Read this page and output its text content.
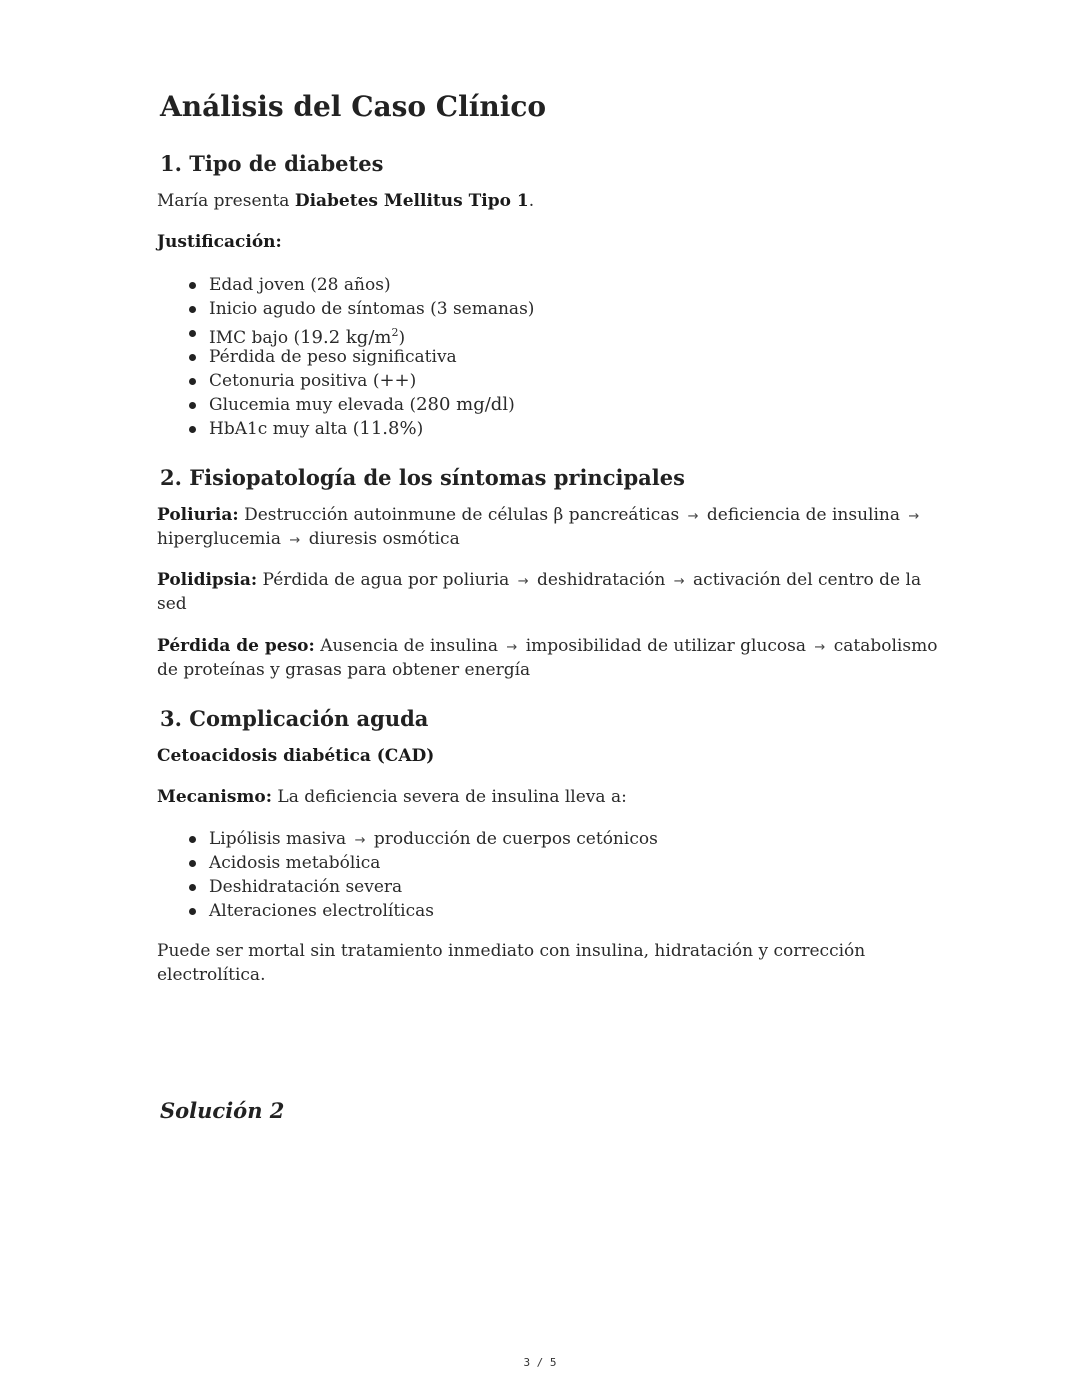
Análisis del Caso Clínico
1. Tipo de diabetes

María presenta Diabetes Mellitus Tipo 1.

Justificación:

Edad joven (28 años)
Inicio agudo de síntomas (3 semanas)
IMC bajo (19.2 $kg/m^2$)
Pérdida de peso significativa
Cetonuria positiva (++)
Glucemia muy elevada (280 mg/dl)
HbA1c muy alta (11.8%)
2. Fisiopatología de los síntomas principales

Poliuria: Destrucción autoinmune de células β pancreáticas → deficiencia de insulina →

hiperglucemia → diuresis osmótica

Polidipsia: Pérdida de agua por poliuria → deshidratación → activación del centro de la

sed

Pérdida de peso: Ausencia de insulina → imposibilidad de utilizar glucosa → catabolismo

de proteínas y grasas para obtener energía

3. Complicación aguda

Cetoacidosis diabética (CAD)

Mecanismo: La deficiencia severa de insulina lleva a:

Lipólisis masiva → producción de cuerpos cetónicos
Acidosis metabólica
Deshidratación severa
Alteraciones electrolíticas

Puede ser mortal sin tratamiento inmediato con insulina, hidratación y corrección

electrolítica.

Solución 2
3 / 5
